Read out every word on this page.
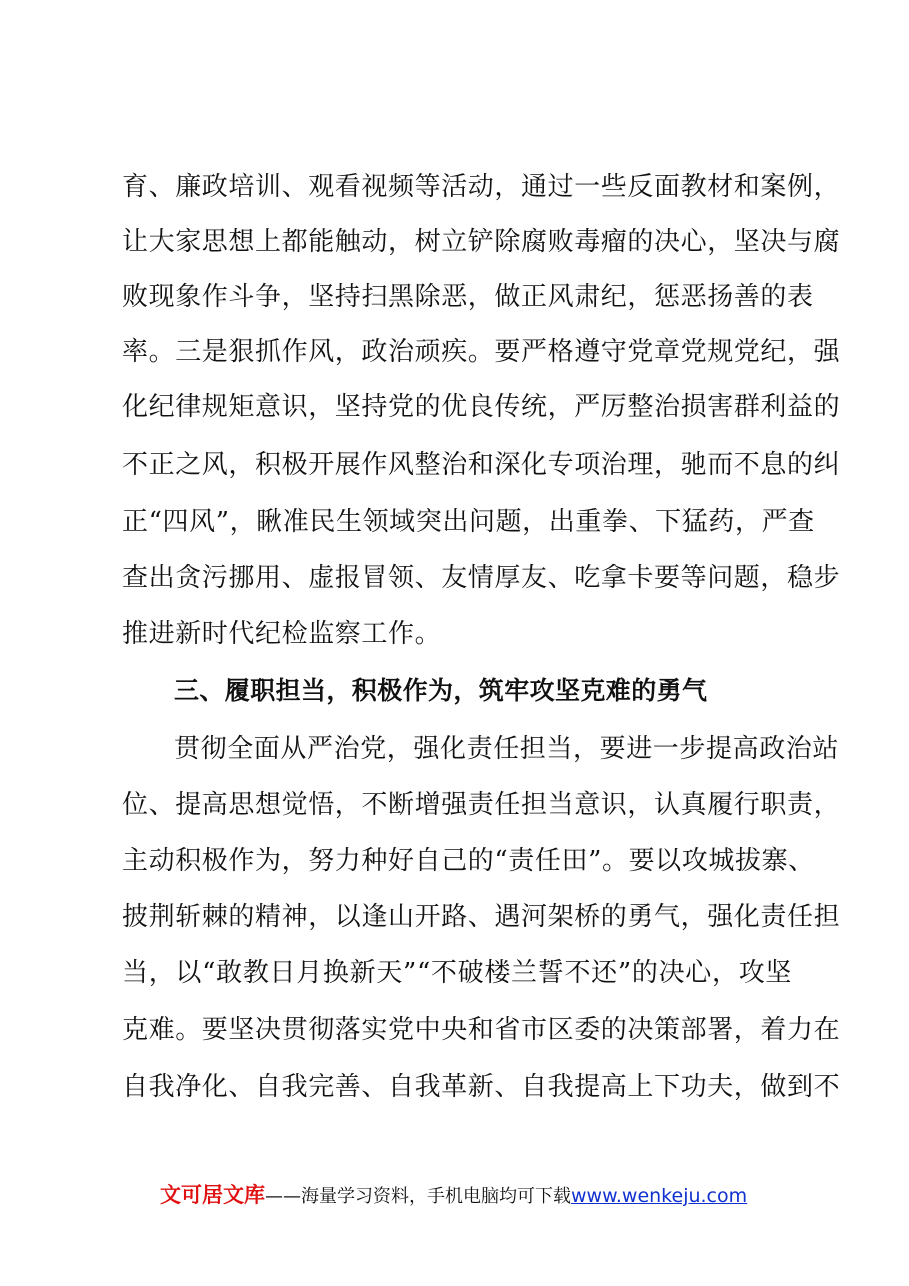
育、廉政培训、观看视频等活动，通过一些反面教材和案例，
让大家思想上都能触动，树立铲除腐败毒瘤的决心，坚决与腐
败现象作斗争，坚持扫黑除恶，做正风肃纪，惩恶扬善的表
率。三是狠抓作风，政治顽疾。要严格遵守党章党规党纪，强
化纪律规矩意识，坚持党的优良传统，严厉整治损害群利益的
不正之风，积极开展作风整治和深化专项治理，驰而不息的纠
正“四风”，瞅准民生领域突出问题，出重拳、下猛药，严查
查出贪污挪用、虚报冒领、友情厚友、吃拿卡要等问题，稳步
推进新时代纪检监察工作。
三、履职担当，积极作为，筑牢攻坚克难的勇气
贯彻全面从严治党，强化责任担当，要进一步提高政治站
位、提高思想觉悟，不断增强责任担当意识，认真履行职责，
主动积极作为，努力种好自己的“责任田”。要以攻城拔寨、
披荆斩棘的精神，以逢山开路、遇河架桥的勇气，强化责任担
当，以“敢教日月换新天”“不破楼兰誓不还”的决心，攻坚
克难。要坚决贯彻落实党中央和省市区委的决策部署，着力在
自我净化、自我完善、自我革新、自我提高上下功夫，做到不
文可居文库——海量学习资料，手机电脑均可下载www.wenkeju.com
